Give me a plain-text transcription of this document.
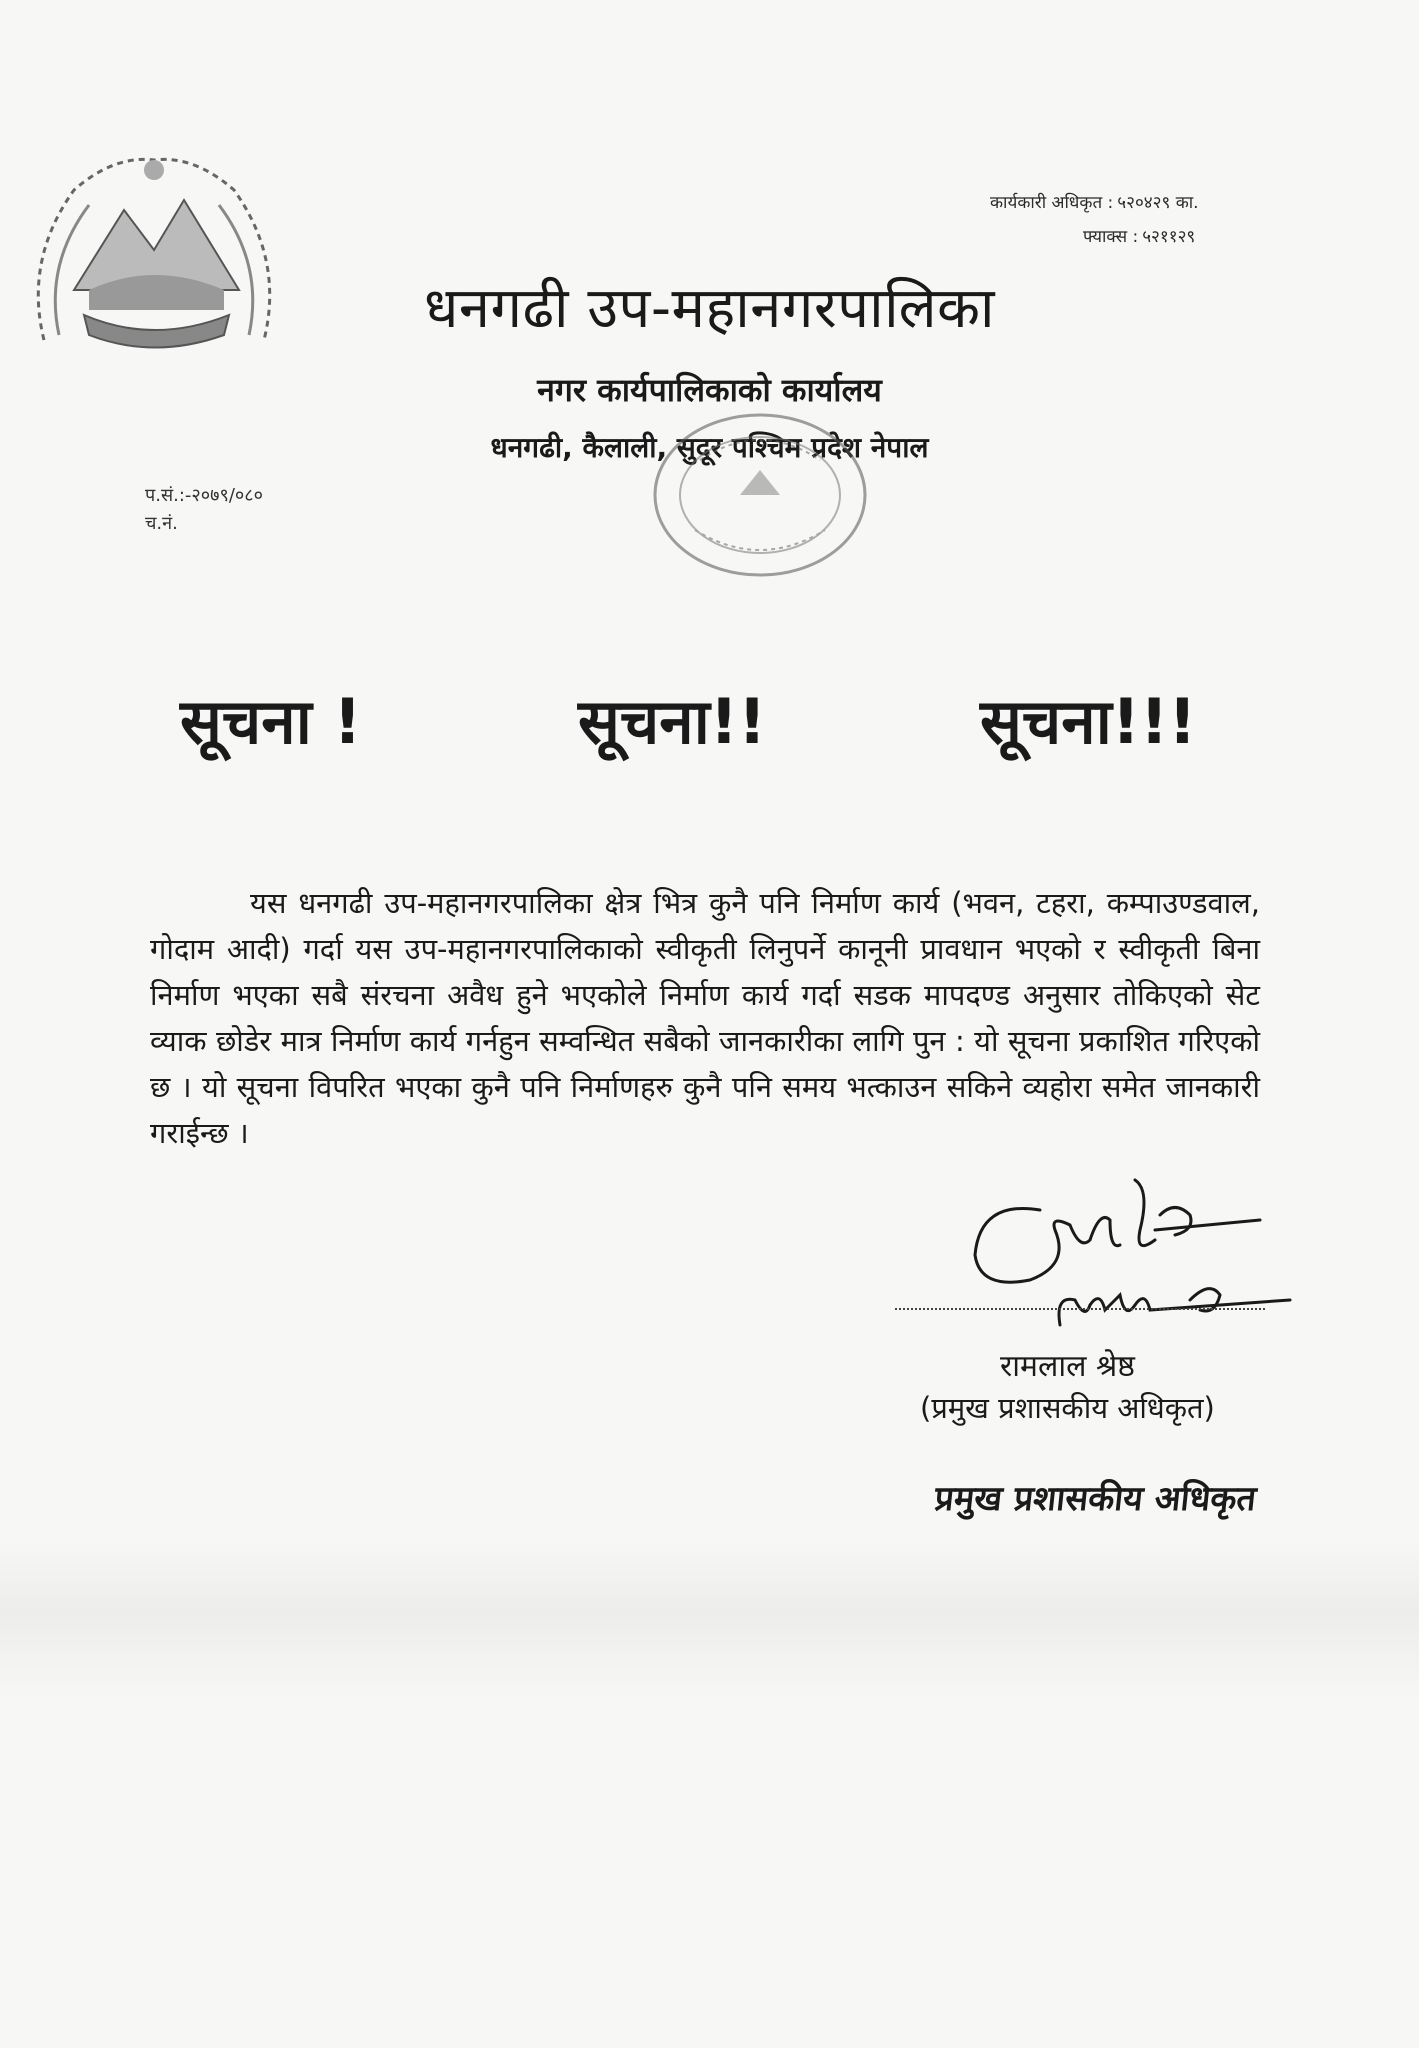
कार्यकारी अधिकृत : ५२०४२९ का.
फ्याक्स : ५२११२९
धनगढी उप-महानगरपालिका
नगर कार्यपालिकाको कार्यालय
धनगढी, कैलाली, सुदूर पश्चिम प्रदेश नेपाल
प.सं.:-२०७९/०८०
च.नं.
सूचना !	सूचना!!	सूचना!!!
यस धनगढी उप-महानगरपालिका क्षेत्र भित्र कुनै पनि निर्माण कार्य (भवन, टहरा, कम्पाउण्डवाल, गोदाम आदी) गर्दा यस उप-महानगरपालिकाको स्वीकृती लिनुपर्ने कानूनी प्रावधान भएको र स्वीकृती बिना निर्माण भएका सबै संरचना अवैध हुने भएकोले निर्माण कार्य गर्दा सडक मापदण्ड अनुसार तोकिएको सेट व्याक छोडेर मात्र निर्माण कार्य गर्नहुन सम्वन्धित सबैको जानकारीका लागि पुन : यो सूचना प्रकाशित गरिएको छ । यो सूचना विपरित भएका कुनै पनि निर्माणहरु कुनै पनि समय भत्काउन सकिने व्यहोरा समेत जानकारी गराईन्छ ।
रामलाल श्रेष्ठ
(प्रमुख प्रशासकीय अधिकृत)
प्रमुख प्रशासकीय अधिकृत
